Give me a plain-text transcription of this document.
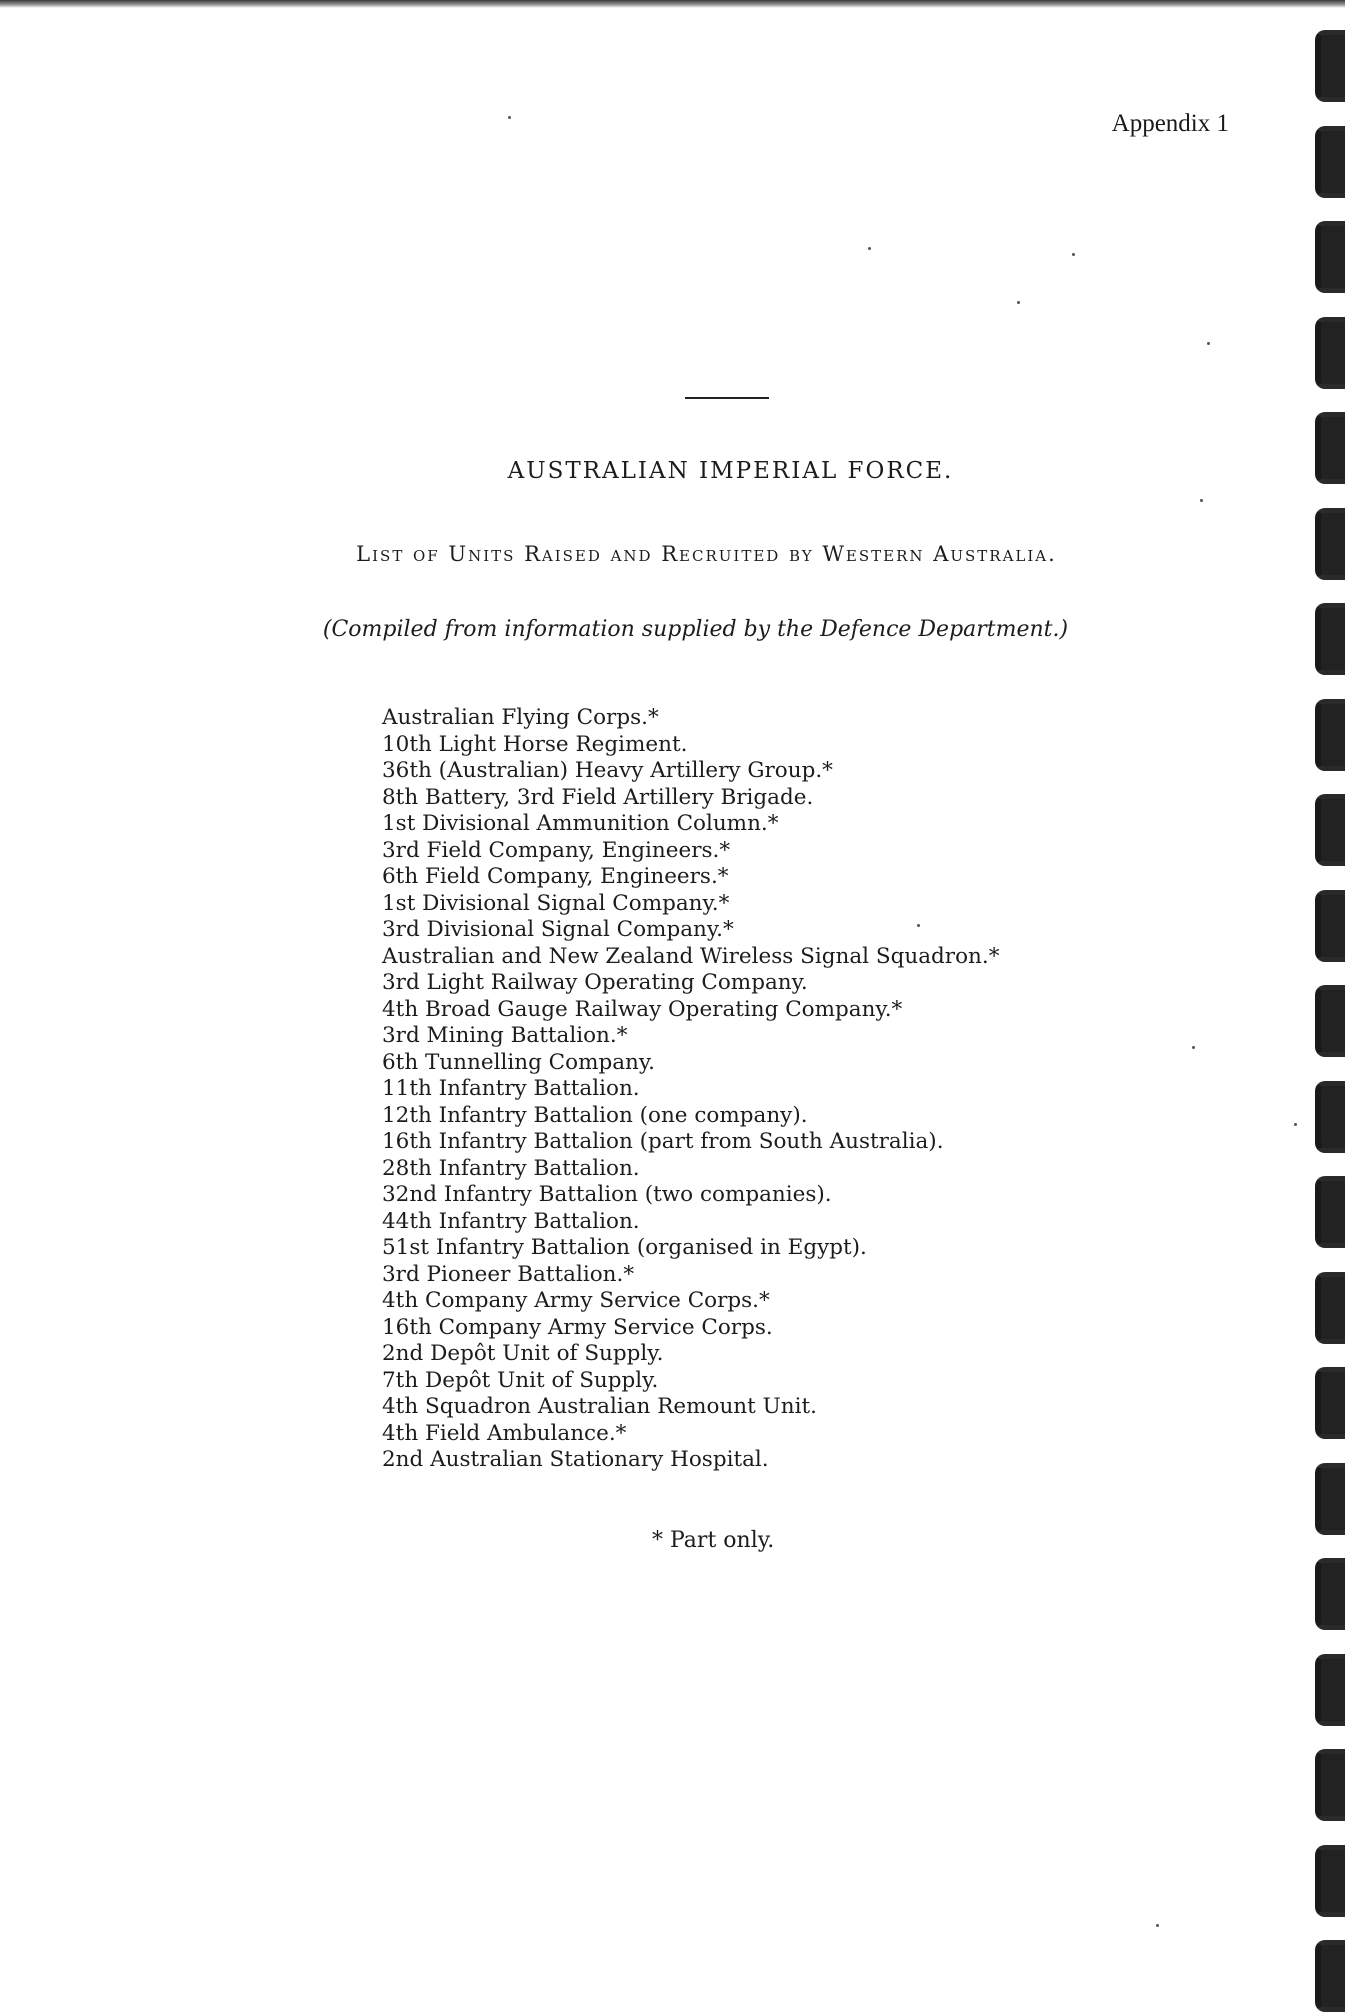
Appendix 1
AUSTRALIAN IMPERIAL FORCE.
List of Units Raised and Recruited by Western Australia.
(Compiled from information supplied by the Defence Department.)
Australian Flying Corps.*
10th Light Horse Regiment.
36th (Australian) Heavy Artillery Group.*
8th Battery, 3rd Field Artillery Brigade.
1st Divisional Ammunition Column.*
3rd Field Company, Engineers.*
6th Field Company, Engineers.*
1st Divisional Signal Company.*
3rd Divisional Signal Company.*
Australian and New Zealand Wireless Signal Squadron.*
3rd Light Railway Operating Company.
4th Broad Gauge Railway Operating Company.*
3rd Mining Battalion.*
6th Tunnelling Company.
11th Infantry Battalion.
12th Infantry Battalion (one company).
16th Infantry Battalion (part from South Australia).
28th Infantry Battalion.
32nd Infantry Battalion (two companies).
44th Infantry Battalion.
51st Infantry Battalion (organised in Egypt).
3rd Pioneer Battalion.*
4th Company Army Service Corps.*
16th Company Army Service Corps.
2nd Depôt Unit of Supply.
7th Depôt Unit of Supply.
4th Squadron Australian Remount Unit.
4th Field Ambulance.*
2nd Australian Stationary Hospital.
* Part only.
